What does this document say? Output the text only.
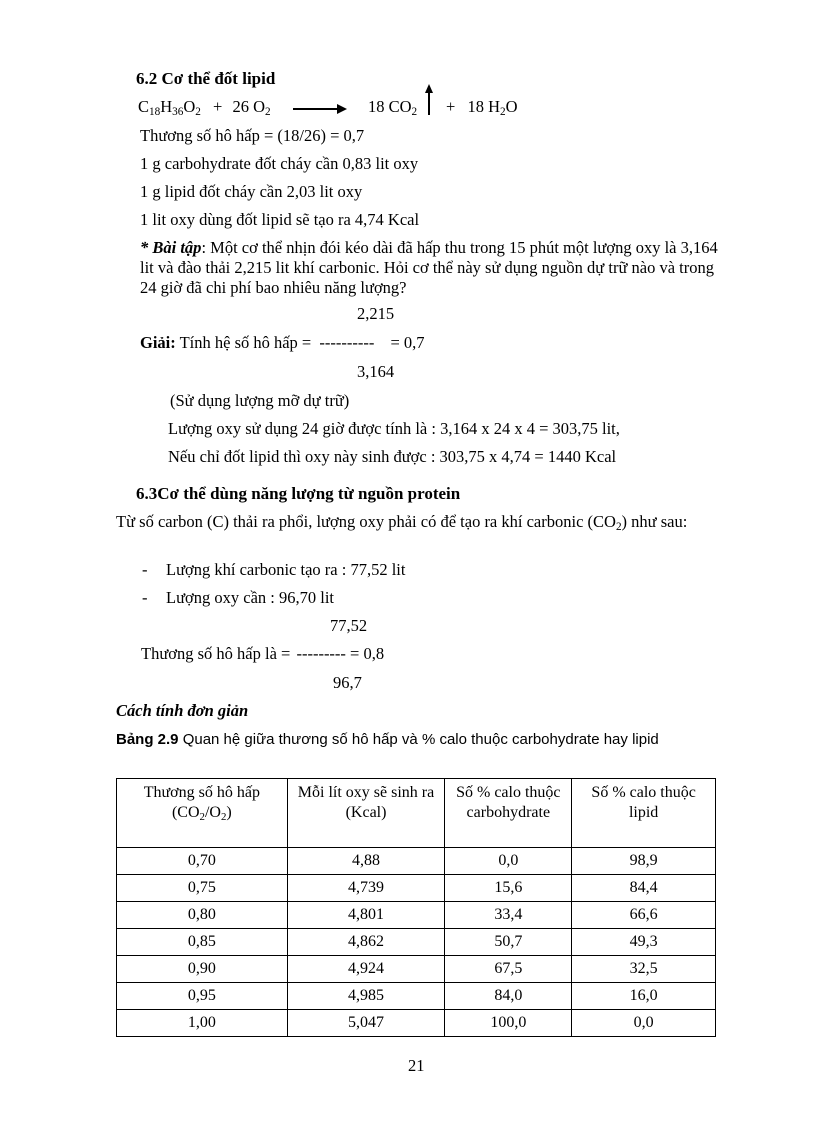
6.2 Cơ thể đốt lipid
$C_{18}H_{36}O_2 + 26$ $O_2$	18 $CO_2 + 18$ $H_2O$
Thương số hô hấp = (18/26) = 0,7
1 g carbohydrate đốt cháy cần 0,83 lit oxy
1 g lipid đốt cháy cần 2,03 lit oxy
1 lit oxy dùng đốt lipid sẽ tạo ra 4,74 Kcal
* Bài tập: Một cơ thể nhịn đói kéo dài đã hấp thu trong 15 phút một lượng oxy là 3,164 lit và đào thải 2,215 lit khí carbonic. Hỏi cơ thể này sử dụng nguồn dự trữ nào và trong 24 giờ đã chi phí bao nhiêu năng lượng?
2,215
Giải: Tính hệ số hô hấp = ---------- = 0,7
3,164
(Sử dụng lượng mỡ dự trữ)
Lượng oxy sử dụng 24 giờ được tính là : 3,164 x 24 x 4 = 303,75 lit,
Nếu chỉ đốt lipid thì oxy này sinh được : 303,75 x 4,74 = 1440 Kcal
6.3Cơ thể dùng năng lượng từ nguồn protein
Từ số carbon (C) thải ra phổi, lượng oxy phải có để tạo ra khí carbonic $(CO_2)$ như sau:
- Lượng khí carbonic tạo ra : 77,52 lit
- Lượng oxy cần : 96,70 lit
77,52
Thương số hô hấp là = --------- = 0,8
96,7
Cách tính đơn giản
Bảng 2.9 Quan hệ giữa thương số hô hấp và % calo thuộc carbohydrate hay lipid
Thương số hô hấp
$(CO_2/O_2)$	Mỗi lít oxy sẽ sinh ra (Kcal)	Số % calo thuộc carbohydrate	Số % calo thuộc lipid
0,70	4,88	0,0	98,9
0,75	4,739	15,6	84,4
0,80	4,801	33,4	66,6
0,85	4,862	50,7	49,3
0,90	4,924	67,5	32,5
0,95	4,985	84,0	16,0
1,00	5,047	100,0	0,0
21
